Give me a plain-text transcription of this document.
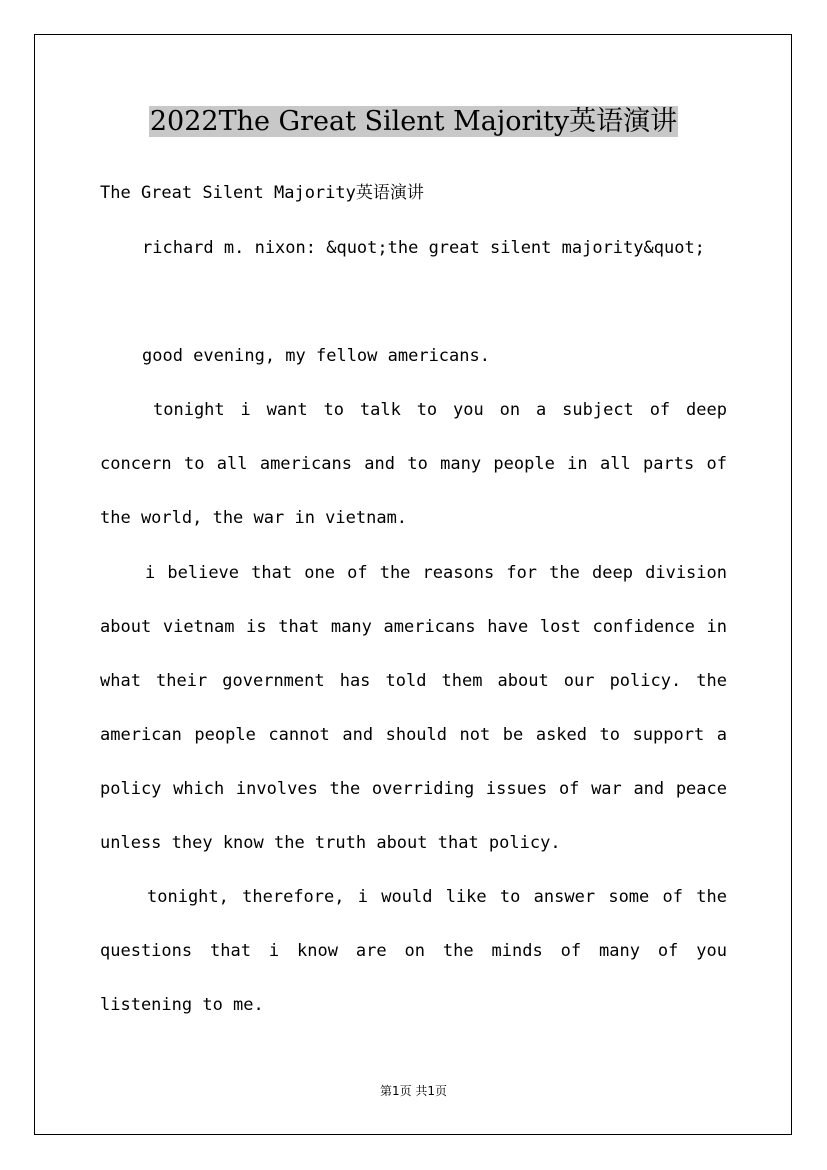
2022The Great Silent Majority英语演讲
The Great Silent Majority英语演讲
richard m. nixon: &quot;the great silent majority&quot;
good evening, my fellow americans.
tonight i want to talk to you on a subject of deep concern to all americans and to many people in all parts of the world, the war in vietnam.
i believe that one of the reasons for the deep division about vietnam is that many americans have lost confidence in what their government has told them about our policy. the american people cannot and should not be asked to support a policy which involves the overriding issues of war and peace unless they know the truth about that policy.
tonight, therefore, i would like to answer some of the questions that i know are on the minds of many of you listening to me.
第1页 共1页
